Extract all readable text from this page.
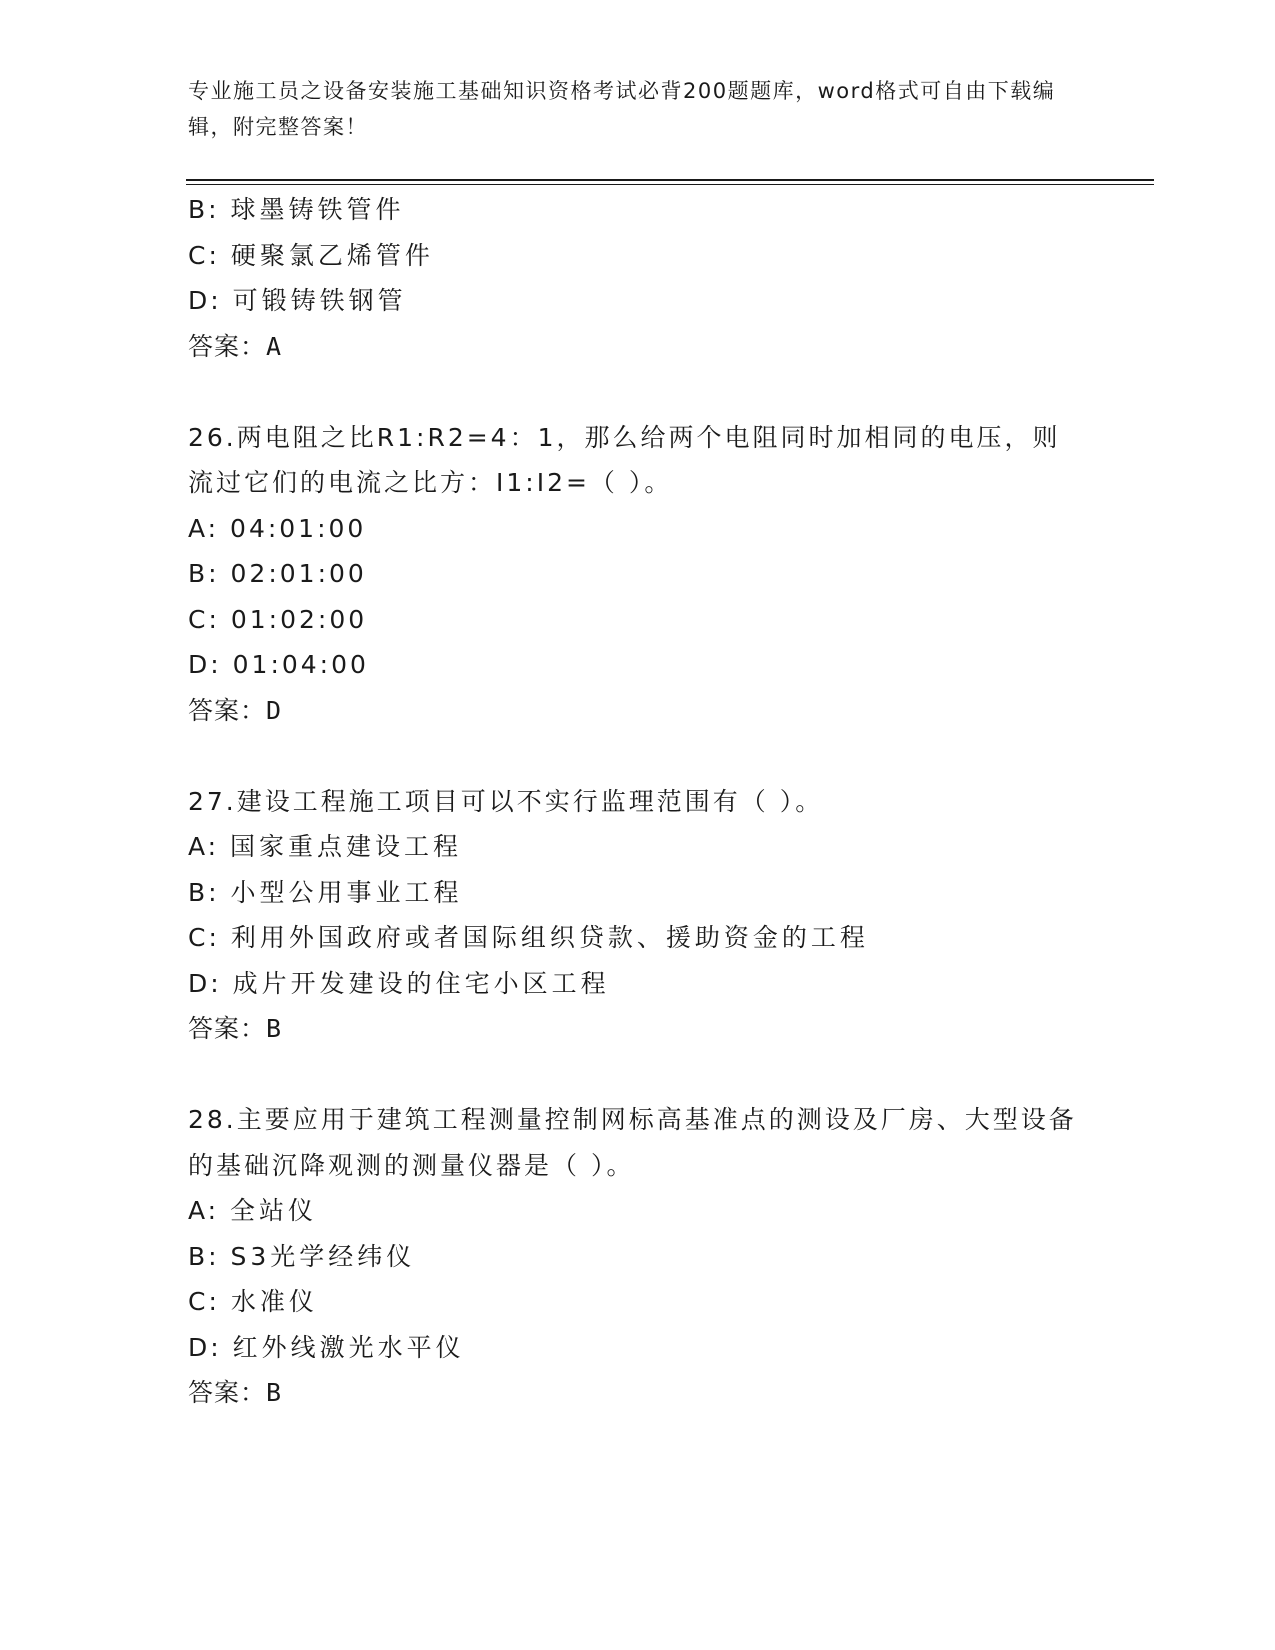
专业施工员之设备安装施工基础知识资格考试必背200题题库，word格式可自由下载编辑，附完整答案！
B: 球墨铸铁管件
C: 硬聚氯乙烯管件
D: 可锻铸铁钢管
答案：A
26.两电阻之比R1:R2=4：1，那么给两个电阻同时加相同的电压，则流过它们的电流之比方：I1:I2=（ ）。
A: 04:01:00
B: 02:01:00
C: 01:02:00
D: 01:04:00
答案：D
27.建设工程施工项目可以不实行监理范围有（ ）。
A: 国家重点建设工程
B: 小型公用事业工程
C: 利用外国政府或者国际组织贷款、援助资金的工程
D: 成片开发建设的住宅小区工程
答案：B
28.主要应用于建筑工程测量控制网标高基准点的测设及厂房、大型设备的基础沉降观测的测量仪器是（ ）。
A: 全站仪
B: S3光学经纬仪
C: 水准仪
D: 红外线激光水平仪
答案：B
